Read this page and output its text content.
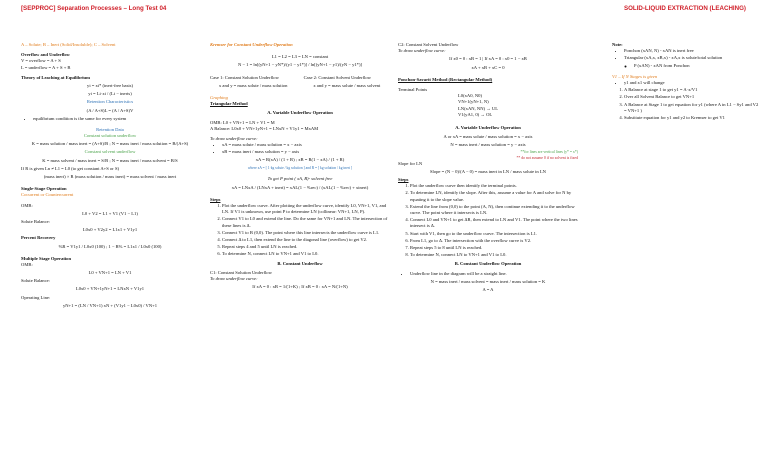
[SEPPROC] Separation Processes – Long Test 04	SOLID-LIQUID EXTRACTION (LEACHING)
A – Solute; B – Inert (Solid/Insoluble); C – Solvent
Overflow and Underflow
V = overflow = A + S
L = underflow = A + S + B
Theory of Leaching at Equilibrium
yi = xi* (inert-free basis)
yi = Li·xi / (Li − inerts)
Retention Characteristics
(A / A+S)L = (A / A+S)V
• equilibrium condition is the same for every system
Retention Data
Constant solution underflow
K = mass solution / mass inert = (A+S)/B ; N = mass inert / mass solution = B/(A+S)
Constant solvent underflow
K = mass solvent / mass inert = S/B ; N = mass inert / mass solvent = B/S
If R is given Ln ≠ L1 = L0 (to get constant A+S or S)
(mass inert) × R (mass solution / mass inert) = mass solvent / mass inert
Single-Stage Operation
Cocurrent or Countercurrent
OMB:
L0 + V2 = L1 + V1 (V1 − L1)
Solute Balance:
L0x0 + V2y2 = L1x1 + V1y1
Percent Recovery
%R = V1y1 / L0x0 (100) ; 1 − R% = L1x1 / L0x0 (100)
Multiple Stage Operation
OMB:
L0 + VN+1 = LN + V1
Solute Balance:
L0x0 + VN+1yN+1 = LNxN + V1y1
Operating Line:
yN+1 = (LN / VN+1) xN + (V1y1 − L0x0) / VN+1
Kremser for Constant Underflow Operation
L1 = L2 = L3 = LN = constant
N − 1 = ln[(yN+1 − yN*)/(y1 − y1*)] / ln[(yN+1 − y1)/(yN − y1*)]
Case 1: Constant Solution Underflow
x and y = mass solute / mass solution
Case 2: Constant Solvent Underflow
x and y = mass solute / mass solvent
Graphing
Triangular Method
A. Variable Underflow Operation
OMB: L0 + VN+1 = LN + V1 = M
A Balance: L0x0 + VN+1yN+1 = LNxN + V1y1 = MxAM
To draw underflow curve:
• xA = mass solute / mass solution = x − axis
• xB = mass inert / mass solution = y − axis
xA = R(xA) / (1 + R) ; xB = R(1 − xA) / (1 + R)
where xA = [ 1·kg solute / kg solution ] and R = [ kg solution / kg inert ]
To get P point ( xA, B)- solvent free
xA = LNxA / (LNxA + inert) = xAL(1 − %rec) / (xAL(1 − %rec) + xinert)
Steps
1. Plot the underflow curve. After plotting the underflow curve, identify L0, VN+1, V1, and LN. If V1 is unknown, use point P to determine LN (collinear: VN+1, LN, P).
2. Connect V1 to L0 and extend the line. Do the same for VN+1 and LN. The intersection of these lines is Δ.
3. Connect V1 to B (0,0). The point where this line intersects the underflow curve is L1.
4. Connect Δ to L1, then extend the line to the diagonal line (overflow) to get V2.
5. Repeat steps 4 and 5 until LN is reached.
6. To determine N, connect LN to VN+1 and V1 to L0.
B. Constant Underflow
C1: Constant Solution Underflow
To draw underflow curve:
If xA = 0 : xB = 1/(1+K) ; If xB = 0 : xA = N/(1+N)
C2: Constant Solvent Underflow
To draw underflow curve:
If x0 = 0 : xB = 1 | If xA = 0 : x0 = 1 − xB
xA + xB + xC = 0
Ponchon-Savarit Method (Rectangular Method)
Terminal Points
L0(xA0, N0)
VN+1(yN+1, N)
LN(xAN, NN) → UL
V1(yA1, 0) → OL
A. Variable Underflow Operation
A or xA = mass solute / mass solution = x − axis
N = mass inert / mass solution = y − axis
**for lines are vertical lines (y* = x*)
** do not assume 0 if no solvent is fixed
Slope for LN
Slope = (N − 0)/(A − 0) = mass inert in LN / mass solute in LN
Steps
1. Plot the underflow curve then identify the terminal points.
2. To determine LN, identify the slope. After this, assume a value for A and solve for N by equating it to the slope value.
3. Extend the line from (0,0) to the point (A, N), then continue extending it to the underflow curve. The point where it intersects is LN.
4. Connect L0 and VN+1 to get ΔR, then extend to LN and V1. The point where the two lines intersect is Δ.
5. Start with V1, then go to the underflow curve. The intersection is L1.
6. From L1, go to Δ. The intersection with the overflow curve is V2.
7. Repeat steps 5 to 8 until LN is reached.
8. To determine N, connect LN to VN+1 and V1 to L0.
B. Constant Underflow Operation
• Underflow line in the diagram will be a straight line.
N = mass inert / mass solvent = mass inert / mass solution = K
A = A
Note:
• Ponchon (xAN, N) - xAN is inert free
• Triangular (xA,x, xB,x) - xA,x is solute/total solution
◦ P (xAN) - xAN from Ponchon
V1 – If N Stages is given
• y1 and x1 will change
1. A Balance at stage 1 to get y1 = A·x/V1
2. Over all Solvent Balance to get VN+1
3. A Balance at Stage 1 to get equation for y1 (where A in L1 − Sy1 and V2 = VN+1 )
4. Substitute equation for y1 and y2 to Kremser to get V1
